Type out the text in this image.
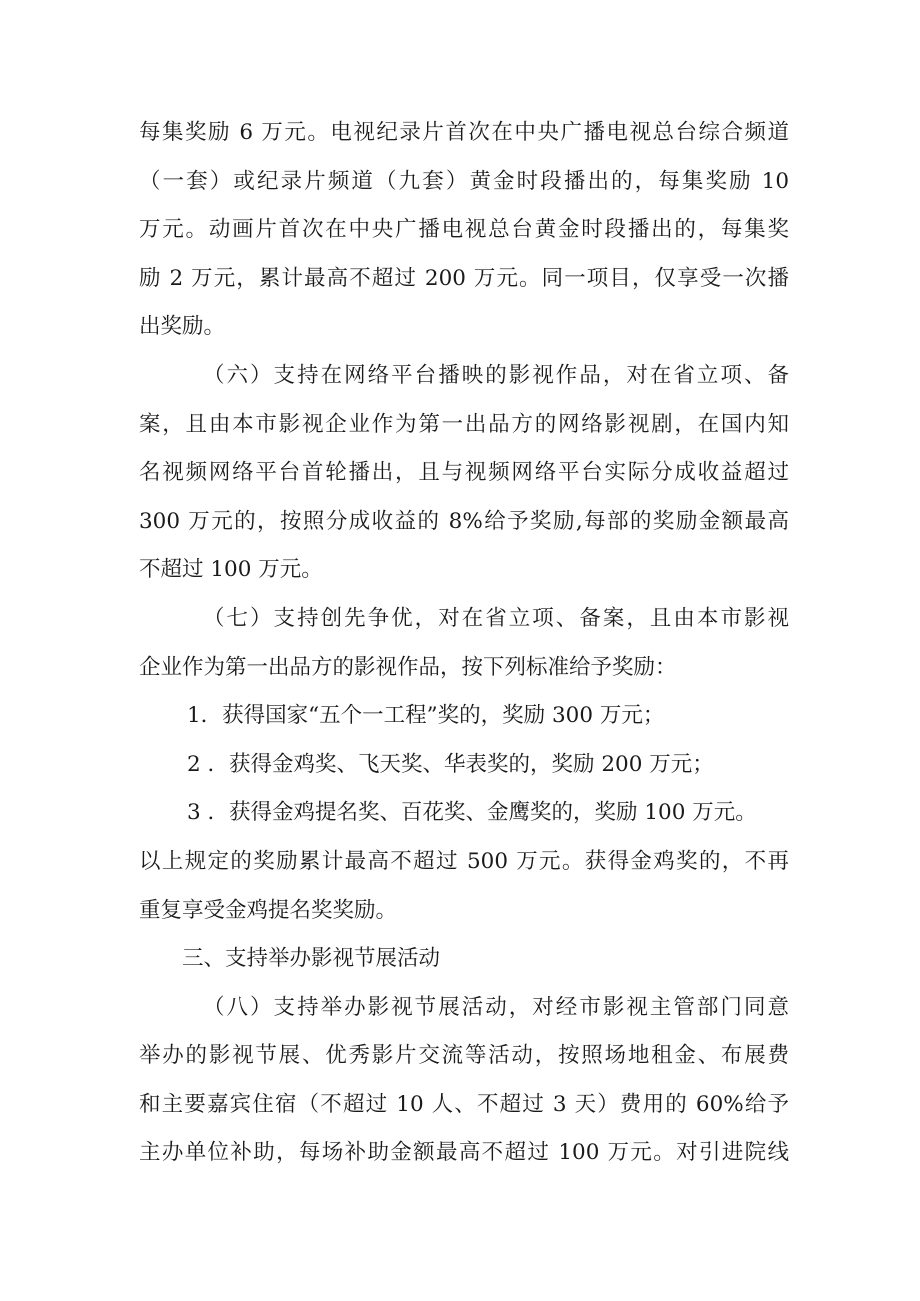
每集奖励 6 万元。电视纪录片首次在中央广播电视总台综合频道
（一套）或纪录片频道（九套）黄金时段播出的，每集奖励 10
万元。动画片首次在中央广播电视总台黄金时段播出的，每集奖
励 2 万元，累计最高不超过 200 万元。同一项目，仅享受一次播
出奖励。
（六）支持在网络平台播映的影视作品，对在省立项、备
案，且由本市影视企业作为第一出品方的网络影视剧，在国内知
名视频网络平台首轮播出，且与视频网络平台实际分成收益超过
300 万元的，按照分成收益的 8%给予奖励,每部的奖励金额最高
不超过 100 万元。
（七）支持创先争优，对在省立项、备案，且由本市影视
企业作为第一出品方的影视作品，按下列标准给予奖励：
1．获得国家“五个一工程”奖的，奖励 300 万元；
2 ．获得金鸡奖、飞天奖、华表奖的，奖励 200 万元；
3 ．获得金鸡提名奖、百花奖、金鹰奖的，奖励 100 万元。
以上规定的奖励累计最高不超过 500 万元。获得金鸡奖的，不再
重复享受金鸡提名奖奖励。
三、支持举办影视节展活动
（八）支持举办影视节展活动，对经市影视主管部门同意
举办的影视节展、优秀影片交流等活动，按照场地租金、布展费
和主要嘉宾住宿（不超过 10 人、不超过 3 天）费用的 60%给予
主办单位补助，每场补助金额最高不超过 100 万元。对引进院线
